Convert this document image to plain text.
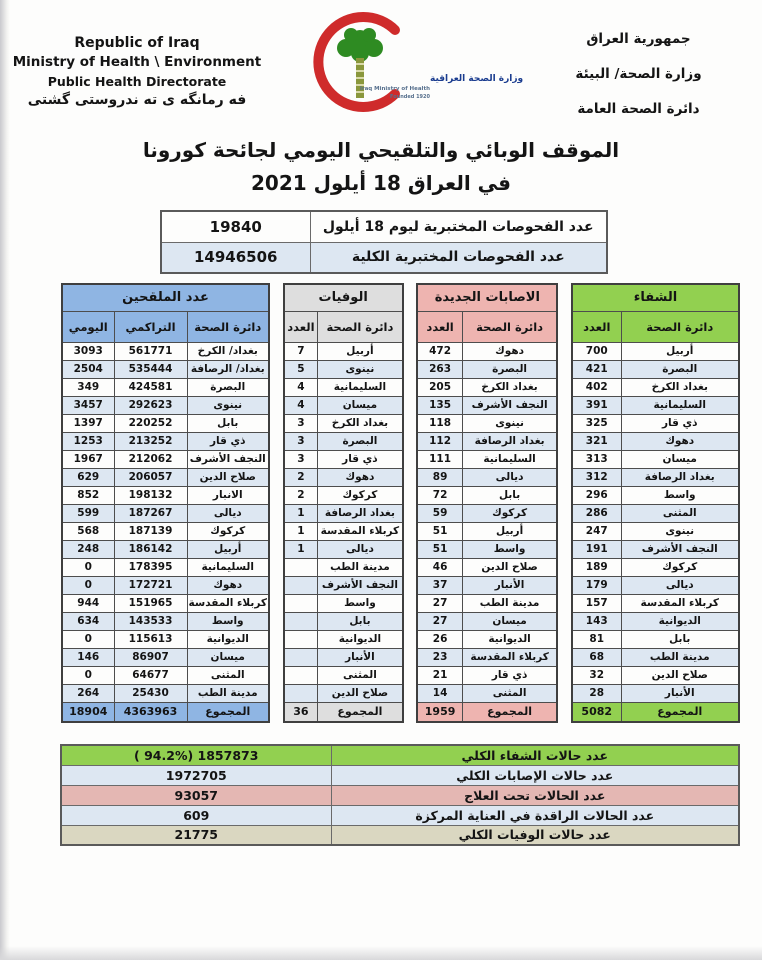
Republic of Iraq
Ministry of Health \ Environment
Public Health Directorate
فه رمانگه ى ته ندروستى گشتى
وزارة الصحة العراقية
Iraq Ministry of Health
Founded 1920
جمهورية العراق
وزارة الصحة/ البيئة
دائرة الصحة العامة
الموقف الوبائي والتلقيحي اليومي لجائحة كورونا
في العراق 18 أيلول 2021
عدد الفحوصات المختبرية ليوم 18 أيلول	19840
عدد الفحوصات المختبرية الكلية	14946506
الشفاء	
دائرة الصحة	العدد
أربيل	700
البصرة	421
بغداد الكرخ	402
السليمانية	391
ذي قار	325
دهوك	321
ميسان	313
بغداد الرصافة	312
واسط	296
المثنى	286
نينوى	247
النجف الأشرف	191
كركوك	189
ديالى	179
كربلاء المقدسة	157
الديوانية	143
بابل	81
مدينة الطب	68
صلاح الدين	32
الأنبار	28
المجموع	5082
الاصابات الجديدة	
دائرة الصحة	العدد
دهوك	472
البصرة	263
بغداد الكرخ	205
النجف الأشرف	135
نينوى	118
بغداد الرصافة	112
السليمانية	111
ديالى	89
بابل	72
كركوك	59
أربيل	51
واسط	51
صلاح الدين	46
الأنبار	37
مدينة الطب	27
ميسان	27
الديوانية	26
كربلاء المقدسة	23
ذي قار	21
المثنى	14
المجموع	1959
الوفيات	
دائرة الصحة	العدد
أربيل	7
نينوى	5
السليمانية	4
ميسان	4
بغداد الكرخ	3
البصرة	3
ذي قار	3
دهوك	2
كركوك	2
بغداد الرصافة	1
كربلاء المقدسة	1
ديالى	1
مدينة الطب	
النجف الأشرف	
واسط	
بابل	
الديوانية	
الأنبار	
المثنى	
صلاح الدين	
المجموع	36
عدد الملقحين		
دائرة الصحة	التراكمي	اليومي
بغداد/ الكرخ	561771	3093
بغداد/ الرصافة	535444	2504
البصرة	424581	349
نينوى	292623	3457
بابل	220252	1397
ذي قار	213252	1253
النجف الأشرف	212062	1967
صلاح الدين	206057	629
الانبار	198132	852
ديالى	187267	599
كركوك	187139	568
أربيل	186142	248
السليمانية	178395	0
دهوك	172721	0
كربلاء المقدسة	151965	944
واسط	143533	634
الديوانية	115613	0
ميسان	86907	146
المثنى	64677	0
مدينة الطب	25430	264
المجموع	4363963	18904
عدد حالات الشفاء الكلي	( 94.2%) 1857873
عدد حالات الإصابات الكلي	1972705
عدد الحالات تحت العلاج	93057
عدد الحالات الراقدة في العناية المركزة	609
عدد حالات الوفيات الكلي	21775
